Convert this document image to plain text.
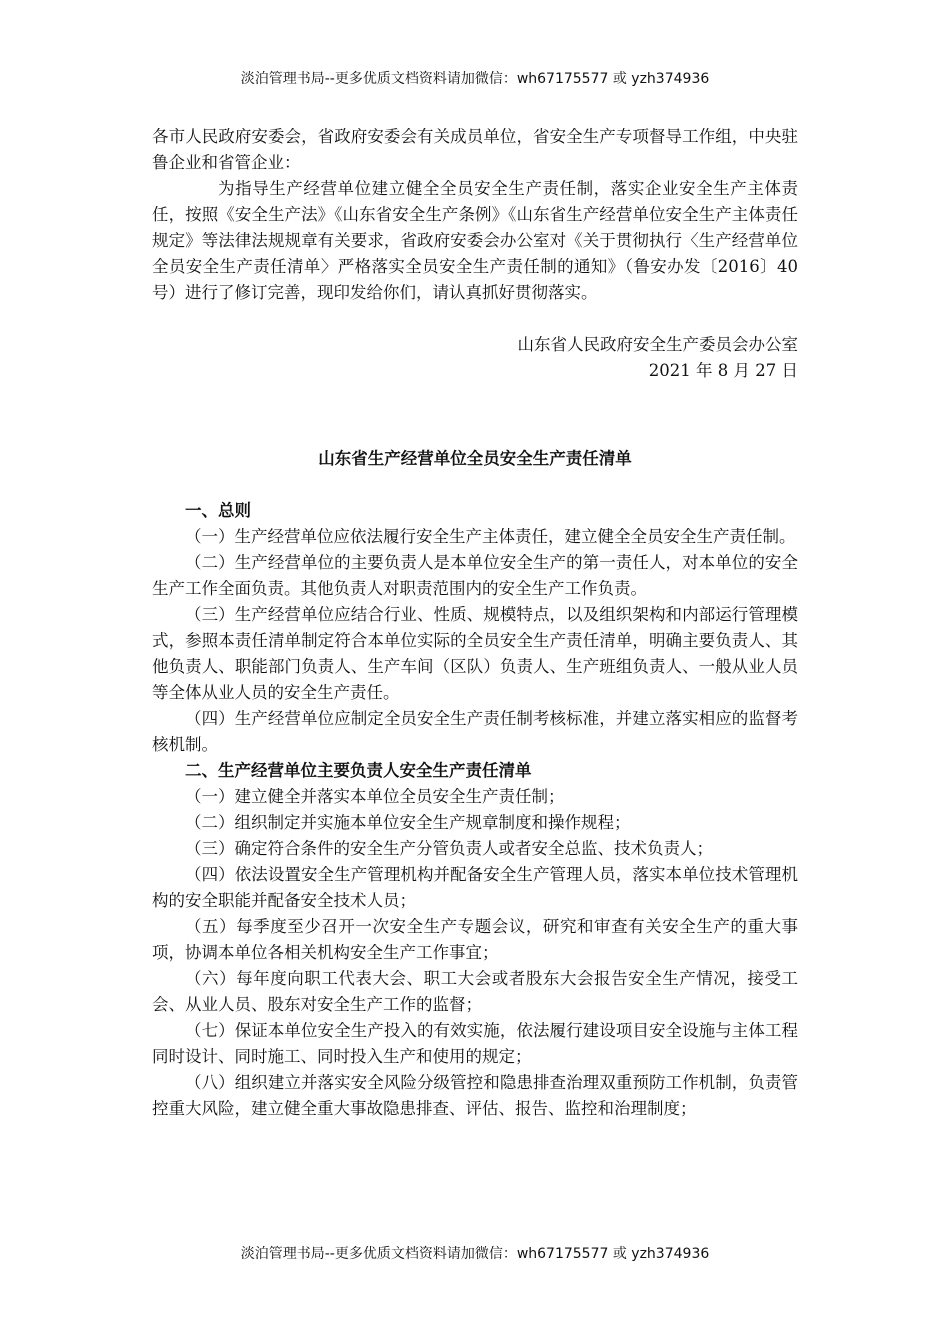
淡泊管理书局--更多优质文档资料请加微信：wh67175577 或 yzh374936

各市人民政府安委会，省政府安委会有关成员单位，省安全生产专项督导工作组，中央驻鲁企业和省管企业：

为指导生产经营单位建立健全全员安全生产责任制，落实企业安全生产主体责任，按照《安全生产法》《山东省安全生产条例》《山东省生产经营单位安全生产主体责任规定》等法律法规规章有关要求，省政府安委会办公室对《关于贯彻执行〈生产经营单位全员安全生产责任清单〉严格落实全员安全生产责任制的通知》（鲁安办发〔2016〕40 号）进行了修订完善，现印发给你们，请认真抓好贯彻落实。

山东省人民政府安全生产委员会办公室

2021 年 8 月 27 日

山东省生产经营单位全员安全生产责任清单

一、总则

（一）生产经营单位应依法履行安全生产主体责任，建立健全全员安全生产责任制。

（二）生产经营单位的主要负责人是本单位安全生产的第一责任人，对本单位的安全生产工作全面负责。其他负责人对职责范围内的安全生产工作负责。

（三）生产经营单位应结合行业、性质、规模特点，以及组织架构和内部运行管理模式，参照本责任清单制定符合本单位实际的全员安全生产责任清单，明确主要负责人、其他负责人、职能部门负责人、生产车间（区队）负责人、生产班组负责人、一般从业人员等全体从业人员的安全生产责任。

（四）生产经营单位应制定全员安全生产责任制考核标准，并建立落实相应的监督考核机制。

二、生产经营单位主要负责人安全生产责任清单

（一）建立健全并落实本单位全员安全生产责任制；

（二）组织制定并实施本单位安全生产规章制度和操作规程；

（三）确定符合条件的安全生产分管负责人或者安全总监、技术负责人；

（四）依法设置安全生产管理机构并配备安全生产管理人员，落实本单位技术管理机构的安全职能并配备安全技术人员；

（五）每季度至少召开一次安全生产专题会议，研究和审查有关安全生产的重大事项，协调本单位各相关机构安全生产工作事宜；

（六）每年度向职工代表大会、职工大会或者股东大会报告安全生产情况，接受工会、从业人员、股东对安全生产工作的监督；

（七）保证本单位安全生产投入的有效实施，依法履行建设项目安全设施与主体工程同时设计、同时施工、同时投入生产和使用的规定；

（八）组织建立并落实安全风险分级管控和隐患排查治理双重预防工作机制，负责管控重大风险，建立健全重大事故隐患排查、评估、报告、监控和治理制度；

淡泊管理书局--更多优质文档资料请加微信：wh67175577 或 yzh374936
